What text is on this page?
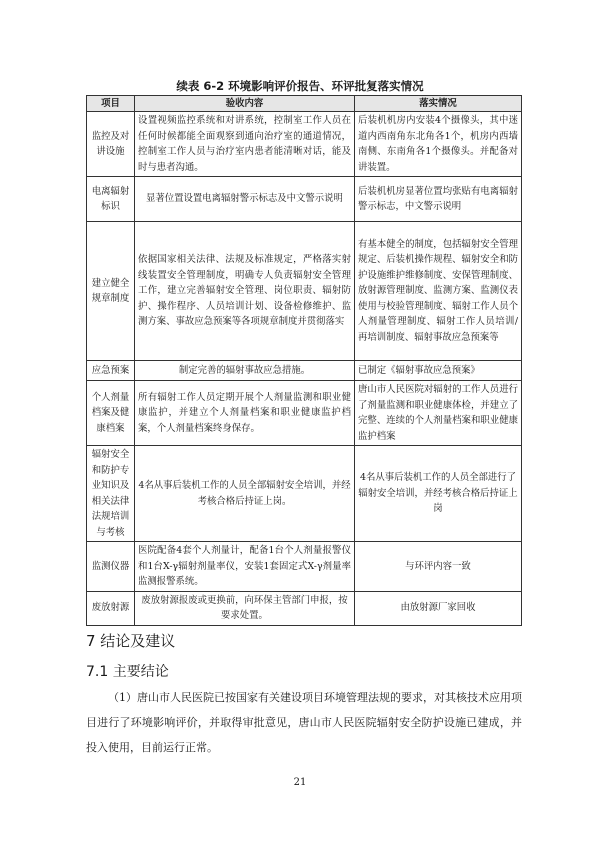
续表 6-2 环境影响评价报告、环评批复落实情况
项目	验收内容	落实情况
监控及对讲设施	设置视频监控系统和对讲系统，控制室工作人员在任何时候都能全面观察到通向治疗室的通道情况，控制室工作人员与治疗室内患者能清晰对话，能及时与患者沟通。	后装机机房内安装4个摄像头，其中迷道内西南角东北角各1个，机房内西墙南侧、东南角各1个摄像头。并配备对讲装置。
电离辐射标识	显著位置设置电离辐射警示标志及中文警示说明	后装机机房显著位置均张贴有电离辐射警示标志，中文警示说明
建立健全规章制度	依据国家相关法律、法规及标准规定，严格落实射线装置安全管理制度，明确专人负责辐射安全管理工作，建立完善辐射安全管理、岗位职责、辐射防护、操作程序、人员培训计划、设备检修维护、监测方案、事故应急预案等各项规章制度并贯彻落实	有基本健全的制度，包括辐射安全管理规定、后装机操作规程、辐射安全和防护设施维护维修制度、安保管理制度、放射源管理制度、监测方案、监测仪表使用与校验管理制度、辐射工作人员个人剂量管理制度、辐射工作人员培训/再培训制度、辐射事故应急预案等
应急预案	制定完善的辐射事故应急措施。	已制定《辐射事故应急预案》
个人剂量档案及健康档案	所有辐射工作人员定期开展个人剂量监测和职业健康监护，并建立个人剂量档案和职业健康监护档案，个人剂量档案终身保存。	唐山市人民医院对辐射的工作人员进行了剂量监测和职业健康体检，并建立了完整、连续的个人剂量档案和职业健康监护档案
辐射安全和防护专业知识及相关法律法规培训与考核	4名从事后装机工作的人员全部辐射安全培训，并经考核合格后持证上岗。	4名从事后装机工作的人员全部进行了辐射安全培训，并经考核合格后持证上岗
监测仪器	医院配备4套个人剂量计，配备1台个人剂量报警仪和1台X-γ辐射剂量率仪，安装1套固定式X-γ剂量率监测报警系统。	与环评内容一致
废放射源	废放射源报废或更换前，向环保主管部门申报，按要求处置。	由放射源厂家回收
7 结论及建议
7.1 主要结论

（1）唐山市人民医院已按国家有关建设项目环境管理法规的要求，对其核技术应用项目进行了环境影响评价，并取得审批意见，唐山市人民医院辐射安全防护设施已建成，并投入使用，目前运行正常。

21
